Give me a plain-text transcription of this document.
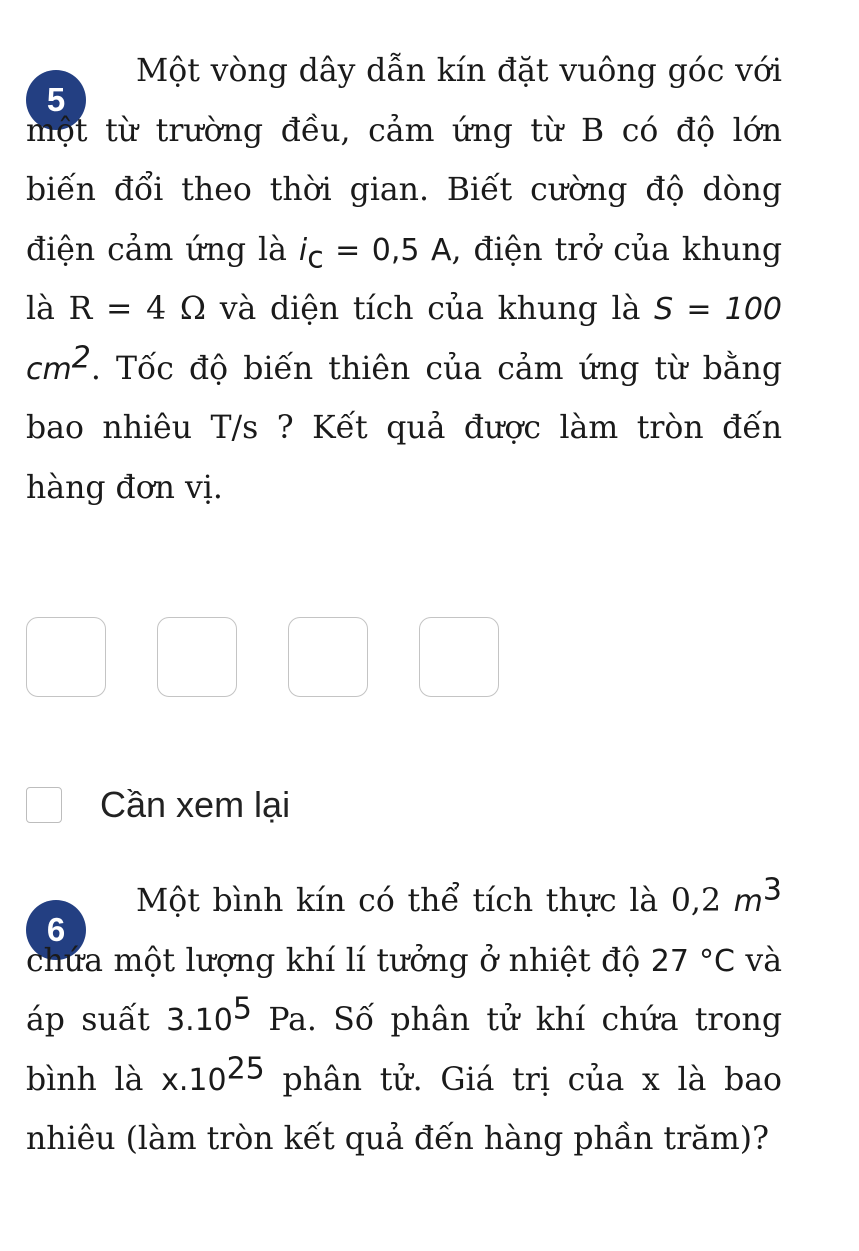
5
Một vòng dây dẫn kín đặt vuông góc với một từ trường đều, cảm ứng từ B có độ lớn biến đổi theo thời gian. Biết cường độ dòng điện cảm ứng là $i_c = 0,5$ A, điện trở của khung là R = 4 Ω và diện tích của khung là S = 100 $cm^2$. Tốc độ biến thiên của cảm ứng từ bằng bao nhiêu T/s ? Kết quả được làm tròn đến hàng đơn vị.
Cần xem lại
6
Một bình kín có thể tích thực là 0,2 $m^3$ chứa một lượng khí lí tưởng ở nhiệt độ 27 °C và áp suất 3.10$^5$ Pa. Số phân tử khí chứa trong bình là $x.10^{25}$ phân tử. Giá trị của x là bao nhiêu (làm tròn kết quả đến hàng phần trăm)?
